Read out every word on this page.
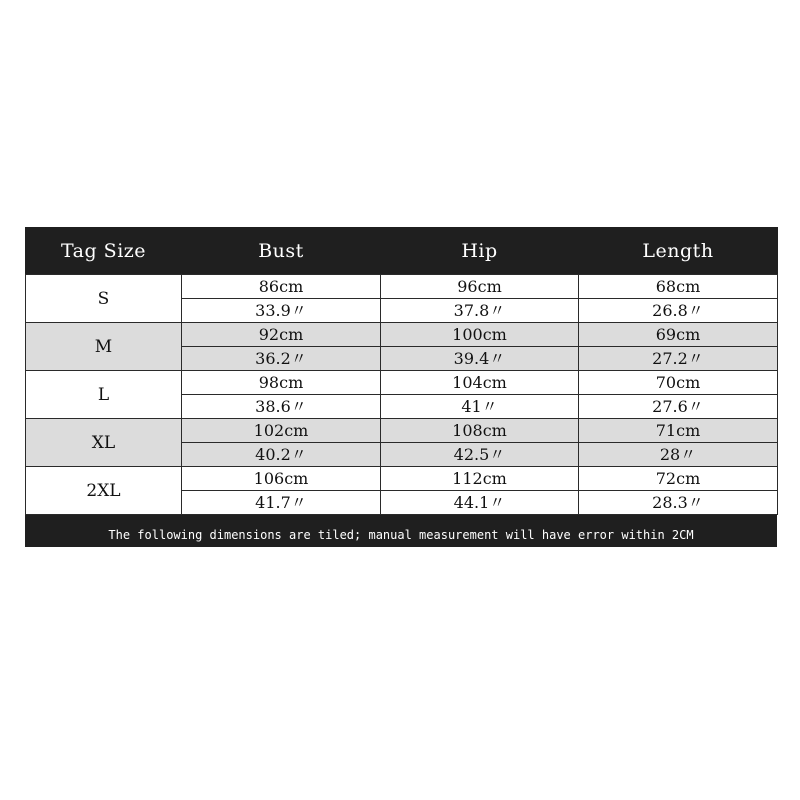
Tag Size	Bust	Hip	Length
S	86cm	96cm	68cm
	33.9〃	37.8〃	26.8〃
M	92cm	100cm	69cm
	36.2〃	39.4〃	27.2〃
L	98cm	104cm	70cm
	38.6〃	41〃	27.6〃
XL	102cm	108cm	71cm
	40.2〃	42.5〃	28〃
2XL	106cm	112cm	72cm
	41.7〃	44.1〃	28.3〃
The following dimensions are tiled; manual measurement will have error within 2CM
